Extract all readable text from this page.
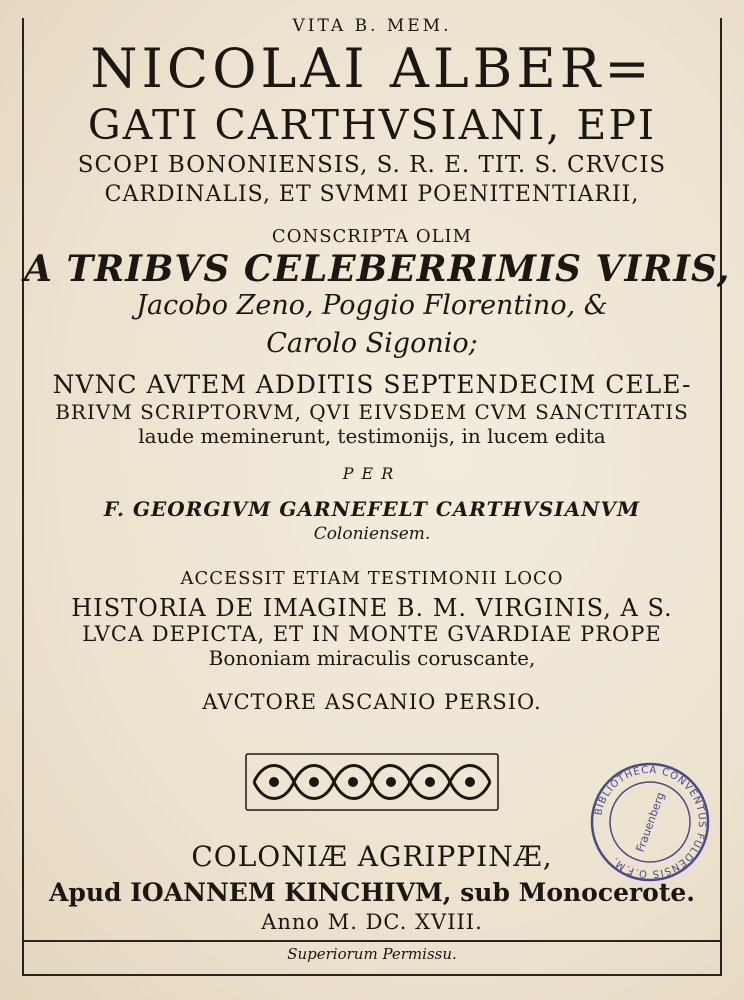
VITA B. MEM.
NICOLAI ALBER=
GATI CARTHVSIANI, EPI
SCOPI BONONIENSIS, S. R. E. TIT. S. CRVCIS
CARDINALIS, ET SVMMI POENITENTIARII,
CONSCRIPTA OLIM
A TRIBVS CELEBERRIMIS VIRIS,
Jacobo Zeno, Poggio Florentino, &
Carolo Sigonio;
NVNC AVTEM ADDITIS SEPTENDECIM CELE-
BRIVM SCRIPTORVM, QVI EIVSDEM CVM SANCTITATIS
laude meminerunt, testimonijs, in lucem edita
PER
F. GEORGIVM GARNEFELT CARTHVSIANVM
Coloniensem.
ACCESSIT ETIAM TESTIMONII LOCO
HISTORIA DE IMAGINE B. M. VIRGINIS, A S.
LVCA DEPICTA, ET IN MONTE GVARDIAE PROPE
Bononiam miraculis coruscante,
AVCTORE ASCANIO PERSIO.
BIBLIOTHECA CONVENTUS FULDENSIS O.F.M.
Frauenberg
COLONIÆ AGRIPPINÆ,
Apud IOANNEM KINCHIVM, sub Monocerote.
Anno M. DC. XVIII.
Superiorum Permissu.
